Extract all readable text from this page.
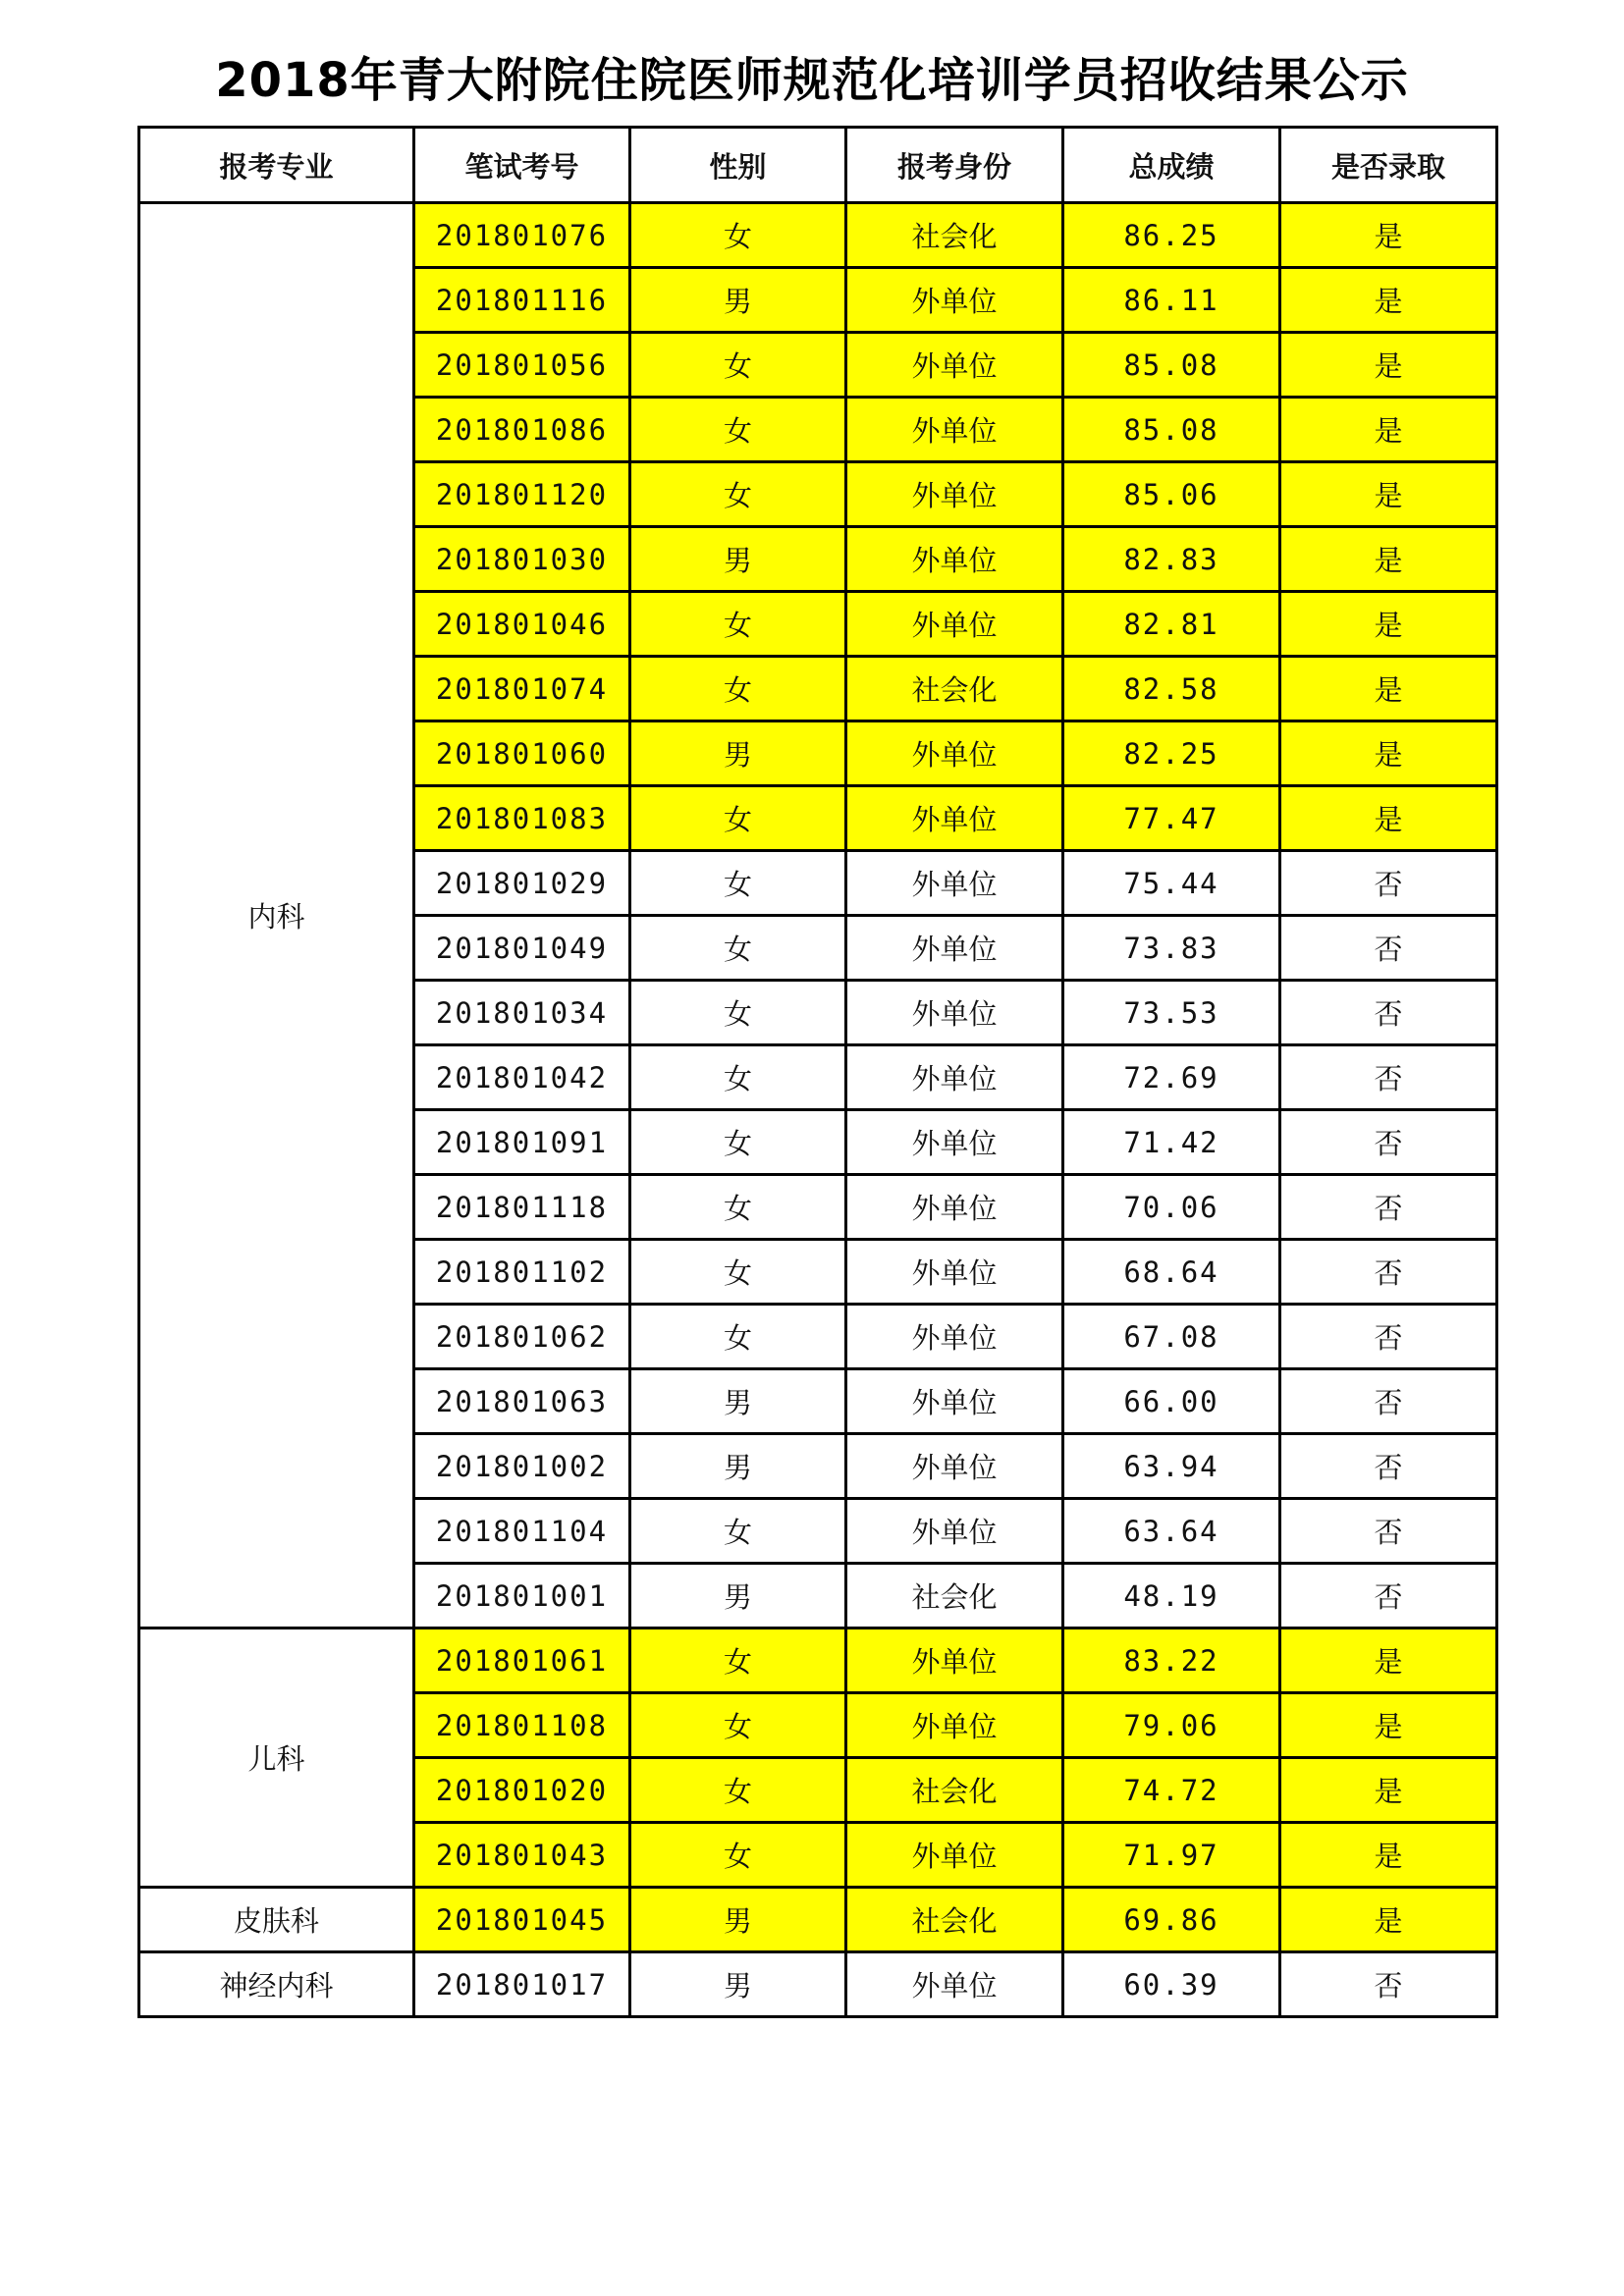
2018年青大附院住院医师规范化培训学员招收结果公示
报考专业	笔试考号	性别	报考身份	总成绩	是否录取
内科	201801076	女	社会化	86.25	是
	201801116	男	外单位	86.11	是
	201801056	女	外单位	85.08	是
	201801086	女	外单位	85.08	是
	201801120	女	外单位	85.06	是
	201801030	男	外单位	82.83	是
	201801046	女	外单位	82.81	是
	201801074	女	社会化	82.58	是
	201801060	男	外单位	82.25	是
	201801083	女	外单位	77.47	是
	201801029	女	外单位	75.44	否
	201801049	女	外单位	73.83	否
	201801034	女	外单位	73.53	否
	201801042	女	外单位	72.69	否
	201801091	女	外单位	71.42	否
	201801118	女	外单位	70.06	否
	201801102	女	外单位	68.64	否
	201801062	女	外单位	67.08	否
	201801063	男	外单位	66.00	否
	201801002	男	外单位	63.94	否
	201801104	女	外单位	63.64	否
	201801001	男	社会化	48.19	否
儿科	201801061	女	外单位	83.22	是
	201801108	女	外单位	79.06	是
	201801020	女	社会化	74.72	是
	201801043	女	外单位	71.97	是
皮肤科	201801045	男	社会化	69.86	是
神经内科	201801017	男	外单位	60.39	否
